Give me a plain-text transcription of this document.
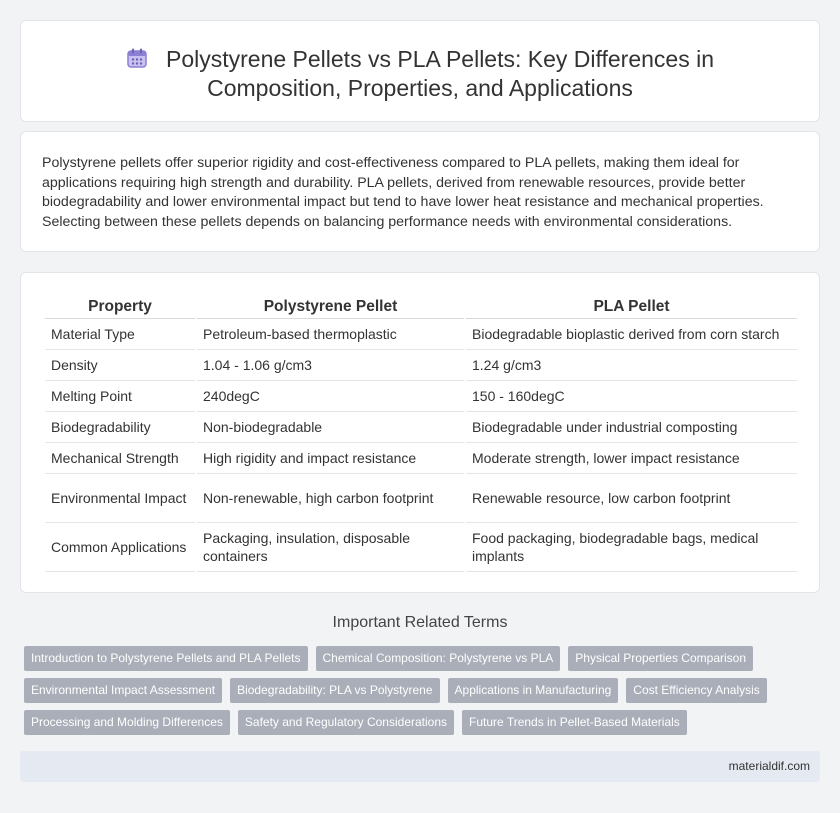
Polystyrene Pellets vs PLA Pellets: Key Differences in Composition, Properties, and Applications
Polystyrene pellets offer superior rigidity and cost-effectiveness compared to PLA pellets, making them ideal for applications requiring high strength and durability. PLA pellets, derived from renewable resources, provide better biodegradability and lower environmental impact but tend to have lower heat resistance and mechanical properties. Selecting between these pellets depends on balancing performance needs with environmental considerations.
Property	Polystyrene Pellet	PLA Pellet
Material Type	Petroleum-based thermoplastic	Biodegradable bioplastic derived from corn starch
Density	1.04 - 1.06 g/cm3	1.24 g/cm3
Melting Point	240degC	150 - 160degC
Biodegradability	Non-biodegradable	Biodegradable under industrial composting
Mechanical Strength	High rigidity and impact resistance	Moderate strength, lower impact resistance
Environmental Impact	Non-renewable, high carbon footprint	Renewable resource, low carbon footprint
Common Applications	Packaging, insulation, disposable containers	Food packaging, biodegradable bags, medical implants
Important Related Terms
Introduction to Polystyrene Pellets and PLA Pellets	Chemical Composition: Polystyrene vs PLA	Physical Properties Comparison
Environmental Impact Assessment	Biodegradability: PLA vs Polystyrene	Applications in Manufacturing	Cost Efficiency Analysis
Processing and Molding Differences	Safety and Regulatory Considerations	Future Trends in Pellet-Based Materials
materialdif.com
